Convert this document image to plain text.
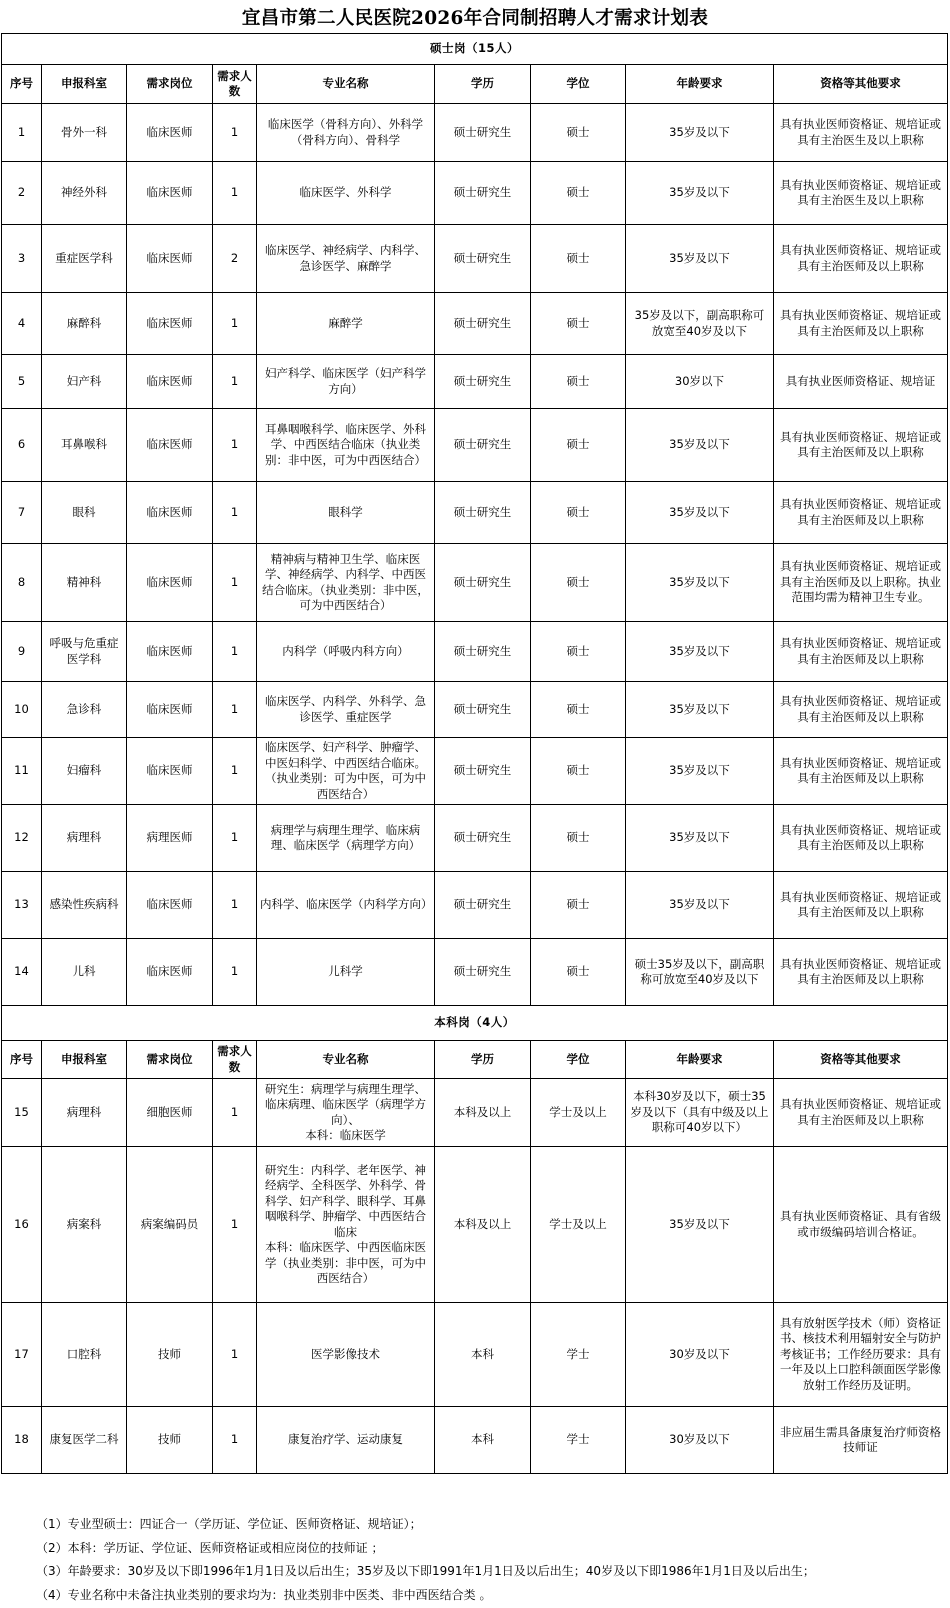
宜昌市第二人民医院2026年合同制招聘人才需求计划表
硕士岗（15人）								
序号	申报科室	需求岗位	需求人数	专业名称	学历	学位	年龄要求	资格等其他要求
1	骨外一科	临床医师	1	临床医学（骨科方向）、外科学（骨科方向）、骨科学	硕士研究生	硕士	35岁及以下	具有执业医师资格证、规培证或具有主治医生及以上职称
2	神经外科	临床医师	1	临床医学、外科学	硕士研究生	硕士	35岁及以下	具有执业医师资格证、规培证或具有主治医生及以上职称
3	重症医学科	临床医师	2	临床医学、神经病学、内科学、急诊医学、麻醉学	硕士研究生	硕士	35岁及以下	具有执业医师资格证、规培证或具有主治医师及以上职称
4	麻醉科	临床医师	1	麻醉学	硕士研究生	硕士	35岁及以下，副高职称可放宽至40岁及以下	具有执业医师资格证、规培证或具有主治医师及以上职称
5	妇产科	临床医师	1	妇产科学、临床医学（妇产科学方向）	硕士研究生	硕士	30岁以下	具有执业医师资格证、规培证
6	耳鼻喉科	临床医师	1	耳鼻咽喉科学、临床医学、外科学、中西医结合临床（执业类别：非中医，可为中西医结合）	硕士研究生	硕士	35岁及以下	具有执业医师资格证、规培证或具有主治医师及以上职称
7	眼科	临床医师	1	眼科学	硕士研究生	硕士	35岁及以下	具有执业医师资格证、规培证或具有主治医师及以上职称
8	精神科	临床医师	1	精神病与精神卫生学、临床医学、神经病学、内科学、中西医结合临床。（执业类别：非中医，可为中西医结合）	硕士研究生	硕士	35岁及以下	具有执业医师资格证、规培证或具有主治医师及以上职称。执业范围均需为精神卫生专业。
9	呼吸与危重症医学科	临床医师	1	内科学（呼吸内科方向）	硕士研究生	硕士	35岁及以下	具有执业医师资格证、规培证或具有主治医师及以上职称
10	急诊科	临床医师	1	临床医学、内科学、外科学、急诊医学、重症医学	硕士研究生	硕士	35岁及以下	具有执业医师资格证、规培证或具有主治医师及以上职称
11	妇瘤科	临床医师	1	临床医学、妇产科学、肿瘤学、中医妇科学、中西医结合临床。（执业类别：可为中医，可为中西医结合）	硕士研究生	硕士	35岁及以下	具有执业医师资格证、规培证或具有主治医师及以上职称
12	病理科	病理医师	1	病理学与病理生理学、临床病理、临床医学（病理学方向）	硕士研究生	硕士	35岁及以下	具有执业医师资格证、规培证或具有主治医师及以上职称
13	感染性疾病科	临床医师	1	内科学、临床医学（内科学方向）	硕士研究生	硕士	35岁及以下	具有执业医师资格证、规培证或具有主治医师及以上职称
14	儿科	临床医师	1	儿科学	硕士研究生	硕士	硕士35岁及以下，副高职称可放宽至40岁及以下	具有执业医师资格证、规培证或具有主治医师及以上职称
本科岗（4人）								
序号	申报科室	需求岗位	需求人数	专业名称	学历	学位	年龄要求	资格等其他要求
15	病理科	细胞医师	1	研究生：病理学与病理生理学、临床病理、临床医学（病理学方向）、
本科：临床医学	本科及以上	学士及以上	本科30岁及以下，硕士35岁及以下（具有中级及以上职称可40岁以下）	具有执业医师资格证、规培证或具有主治医师及以上职称
16	病案科	病案编码员	1	研究生：内科学、老年医学、神经病学、全科医学、外科学、骨科学、妇产科学、眼科学、耳鼻咽喉科学、肿瘤学、中西医结合临床
本科：临床医学、中西医临床医学（执业类别：非中医，可为中西医结合）	本科及以上	学士及以上	35岁及以下	具有执业医师资格证、具有省级或市级编码培训合格证。
17	口腔科	技师	1	医学影像技术	本科	学士	30岁及以下	具有放射医学技术（师）资格证书、核技术利用辐射安全与防护考核证书；工作经历要求：具有一年及以上口腔科颌面医学影像放射工作经历及证明。
18	康复医学二科	技师	1	康复治疗学、运动康复	本科	学士	30岁及以下	非应届生需具备康复治疗师资格技师证
（1）专业型硕士：四证合一（学历证、学位证、医师资格证、规培证）；
（2）本科：学历证、学位证、医师资格证或相应岗位的技师证 ；
（3）年龄要求：30岁及以下即1996年1月1日及以后出生；35岁及以下即1991年1月1日及以后出生；40岁及以下即1986年1月1日及以后出生；
（4）专业名称中未备注执业类别的要求均为：执业类别非中医类、非中西医结合类 。
